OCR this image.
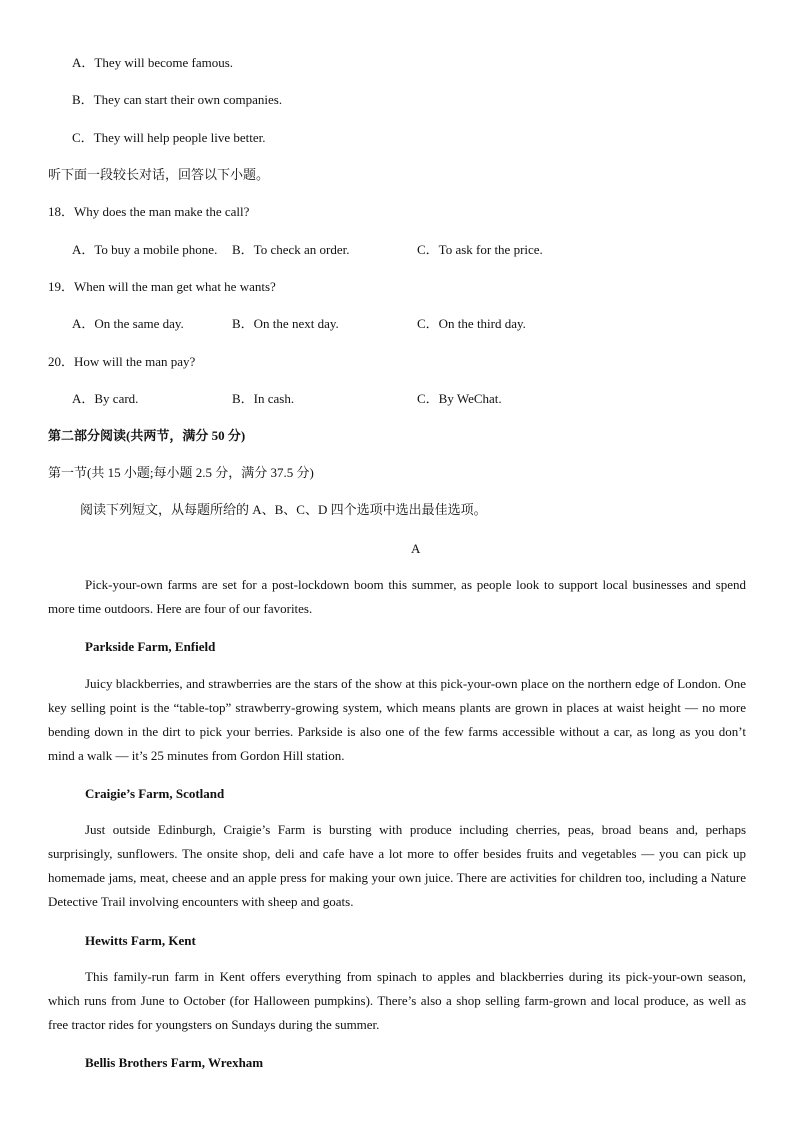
A．They will become famous.
B．They can start their own companies.
C．They will help people live better.
听下面一段较长对话，回答以下小题。
18．Why does the man make the call?
A．To buy a mobile phone. B．To check an order.	C．To ask for the price.
19．When will the man get what he wants?
A．On the same day.	B．On the next day.	C．On the third day.
20．How will the man pay?
A．By card.	B．In cash.	C．By WeChat.
第二部分阅读(共两节，满分 50 分)
第一节(共 15 小题;每小题 2.5 分，满分 37.5 分)
阅读下列短文，从每题所给的 A、B、C、D 四个选项中选出最佳选项。
A
Pick-your-own farms are set for a post-lockdown boom this summer, as people look to support local businesses and spend more time outdoors. Here are four of our favorites.
Parkside Farm, Enfield
Juicy blackberries, and strawberries are the stars of the show at this pick-your-own place on the northern edge of London. One key selling point is the “table-top” strawberry-growing system, which means plants are grown in places at waist height — no more bending down in the dirt to pick your berries. Parkside is also one of the few farms accessible without a car, as long as you don’t mind a walk — it’s 25 minutes from Gordon Hill station.
Craigie’s Farm, Scotland
Just outside Edinburgh, Craigie’s Farm is bursting with produce including cherries, peas, broad beans and, perhaps surprisingly, sunflowers. The onsite shop, deli and cafe have a lot more to offer besides fruits and vegetables — you can pick up homemade jams, meat, cheese and an apple press for making your own juice. There are activities for children too, including a Nature Detective Trail involving encounters with sheep and goats.
Hewitts Farm, Kent
This family-run farm in Kent offers everything from spinach to apples and blackberries during its pick-your-own season, which runs from June to October (for Halloween pumpkins). There’s also a shop selling farm-grown and local produce, as well as free tractor rides for youngsters on Sundays during the summer.
Bellis Brothers Farm, Wrexham
